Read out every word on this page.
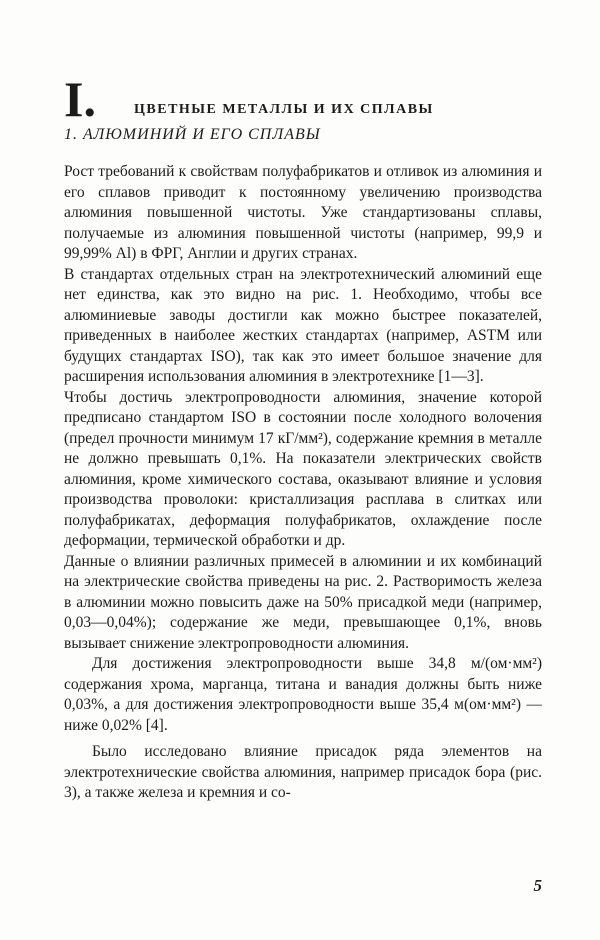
I.	ЦВЕТНЫЕ МЕТАЛЛЫ И ИХ СПЛАВЫ
1. АЛЮМИНИЙ И ЕГО СПЛАВЫ

Рост требований к свойствам полуфабрикатов и отливок из алюминия и его сплавов приводит к постоянному увеличению производства алюминия повышенной чистоты. Уже стандартизованы сплавы, получаемые из алюминия повышенной чистоты (например, 99,9 и 99,99% Al) в ФРГ, Англии и других странах.

В стандартах отдельных стран на электротехнический алюминий еще нет единства, как это видно на рис. 1. Необходимо, чтобы все алюминиевые заводы достигли как можно быстрее показателей, приведенных в наиболее жестких стандартах (например, ASTM или будущих стандартах ISO), так как это имеет большое значение для расширения использования алюминия в электротехнике [1—3].

Чтобы достичь электропроводности алюминия, значение которой предписано стандартом ISO в состоянии после холодного волочения (предел прочности минимум 17 кГ/мм²), содержание кремния в металле не должно превышать 0,1%. На показатели электрических свойств алюминия, кроме химического состава, оказывают влияние и условия производства проволоки: кристаллизация расплава в слитках или полуфабрикатах, деформация полуфабрикатов, охлаждение после деформации, термической обработки и др.

Данные о влиянии различных примесей в алюминии и их комбинаций на электрические свойства приведены на рис. 2. Растворимость железа в алюминии можно повысить даже на 50% присадкой меди (например, 0,03—0,04%); содержание же меди, превышающее 0,1%, вновь вызывает снижение электропроводности алюминия.

Для достижения электропроводности выше 34,8 м/(ом·мм²) содержания хрома, марганца, титана и ванадия должны быть ниже 0,03%, а для достижения электропроводности выше 35,4 м(ом·мм²) — ниже 0,02% [4].

Было исследовано влияние присадок ряда элементов на электротехнические свойства алюминия, например присадок бора (рис. 3), а также железа и кремния и со-

5
